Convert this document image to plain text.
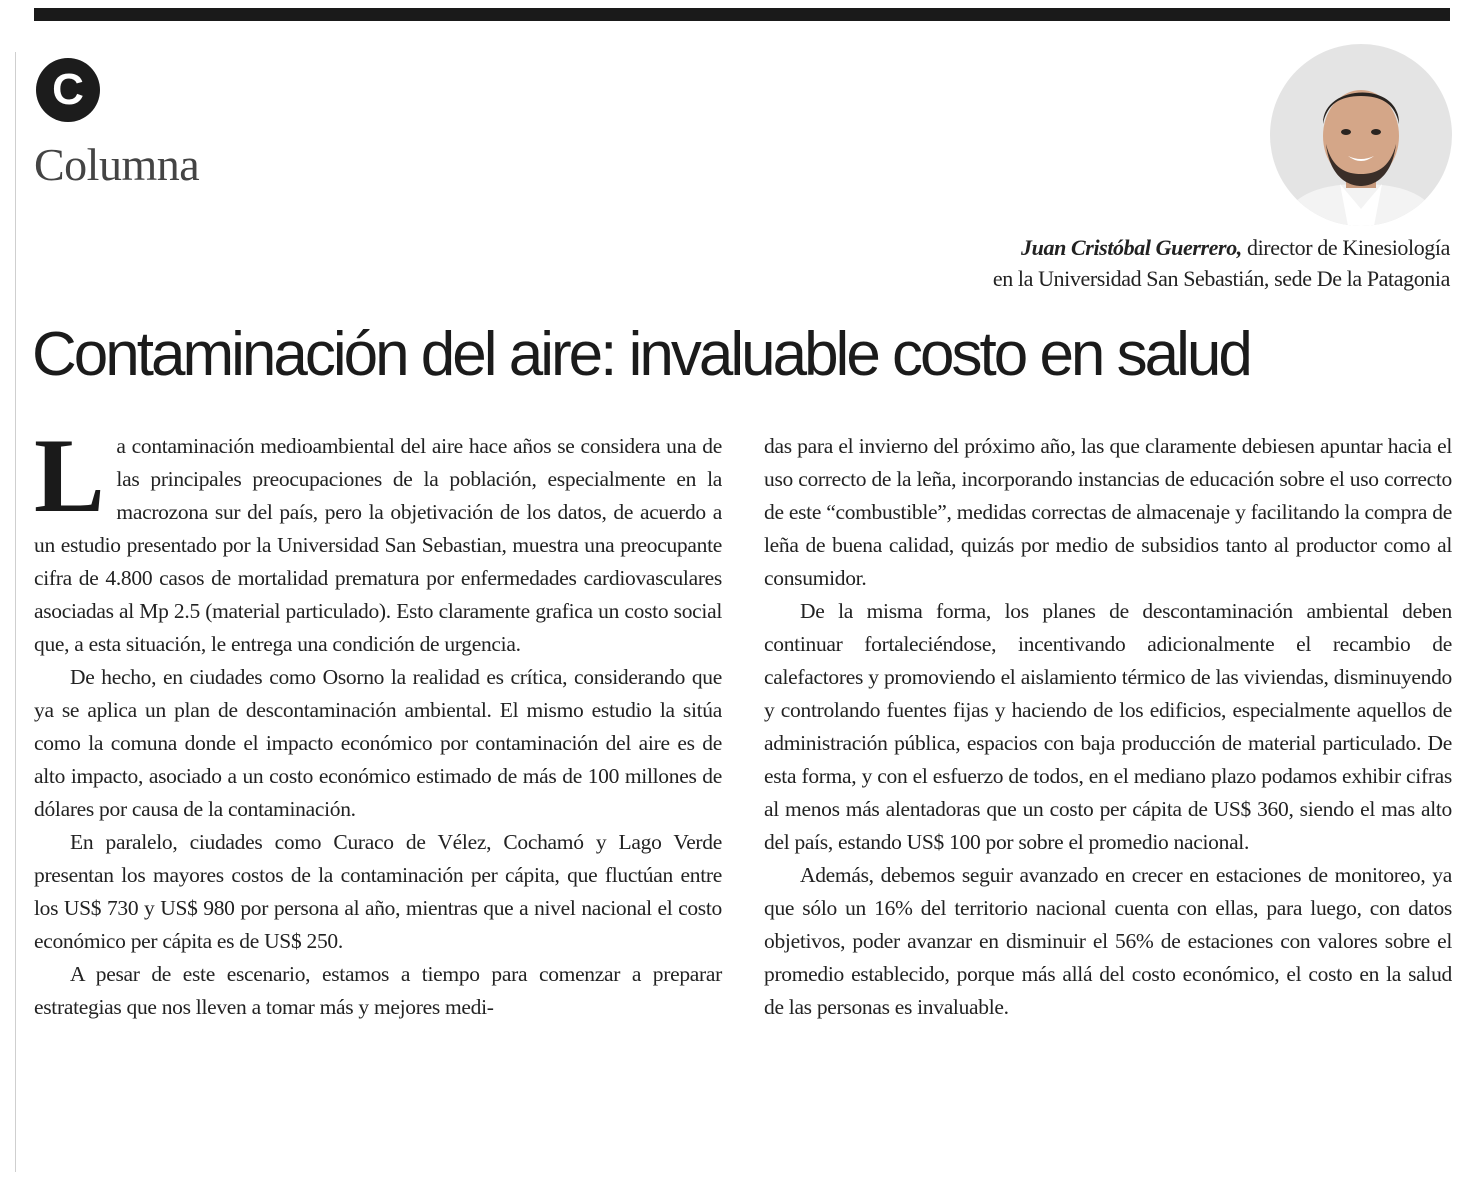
C
Columna
Juan Cristóbal Guerrero, director de Kinesiología
en la Universidad San Sebastián, sede De la Patagonia
Contaminación del aire: invaluable costo en salud

La contaminación medioambiental del aire hace años se considera una de las principales preocupaciones de la población, especialmente en la macrozona sur del país, pero la objetivación de los datos, de acuerdo a un estudio presentado por la Universidad San Sebastian, muestra una preocupante cifra de 4.800 casos de mortalidad prematura por enfermedades cardiovasculares asociadas al Mp 2.5 (material particulado). Esto claramente grafica un costo social que, a esta situación, le entrega una condición de urgencia.

De hecho, en ciudades como Osorno la realidad es crítica, considerando que ya se aplica un plan de descontaminación ambiental. El mismo estudio la sitúa como la comuna donde el impacto económico por contaminación del aire es de alto impacto, asociado a un costo económico estimado de más de 100 millones de dólares por causa de la contaminación.

En paralelo, ciudades como Curaco de Vélez, Cochamó y Lago Verde presentan los mayores costos de la contaminación per cápita, que fluctúan entre los US$ 730 y US$ 980 por persona al año, mientras que a nivel nacional el costo económico per cápita es de US$ 250.

A pesar de este escenario, estamos a tiempo para comenzar a preparar estrategias que nos lleven a tomar más y mejores medi-

das para el invierno del próximo año, las que claramente debiesen apuntar hacia el uso correcto de la leña, incorporando instancias de educación sobre el uso correcto de este “combustible”, medidas correctas de almacenaje y facilitando la compra de leña de buena calidad, quizás por medio de subsidios tanto al productor como al consumidor.

De la misma forma, los planes de descontaminación ambiental deben continuar fortaleciéndose, incentivando adicionalmente el recambio de calefactores y promoviendo el aislamiento térmico de las viviendas, disminuyendo y controlando fuentes fijas y haciendo de los edificios, especialmente aquellos de administración pública, espacios con baja producción de material particulado. De esta forma, y con el esfuerzo de todos, en el mediano plazo podamos exhibir cifras al menos más alentadoras que un costo per cápita de US$ 360, siendo el mas alto del país, estando US$ 100 por sobre el promedio nacional.

Además, debemos seguir avanzado en crecer en estaciones de monitoreo, ya que sólo un 16% del territorio nacional cuenta con ellas, para luego, con datos objetivos, poder avanzar en disminuir el 56% de estaciones con valores sobre el promedio establecido, porque más allá del costo económico, el costo en la salud de las personas es invaluable.
